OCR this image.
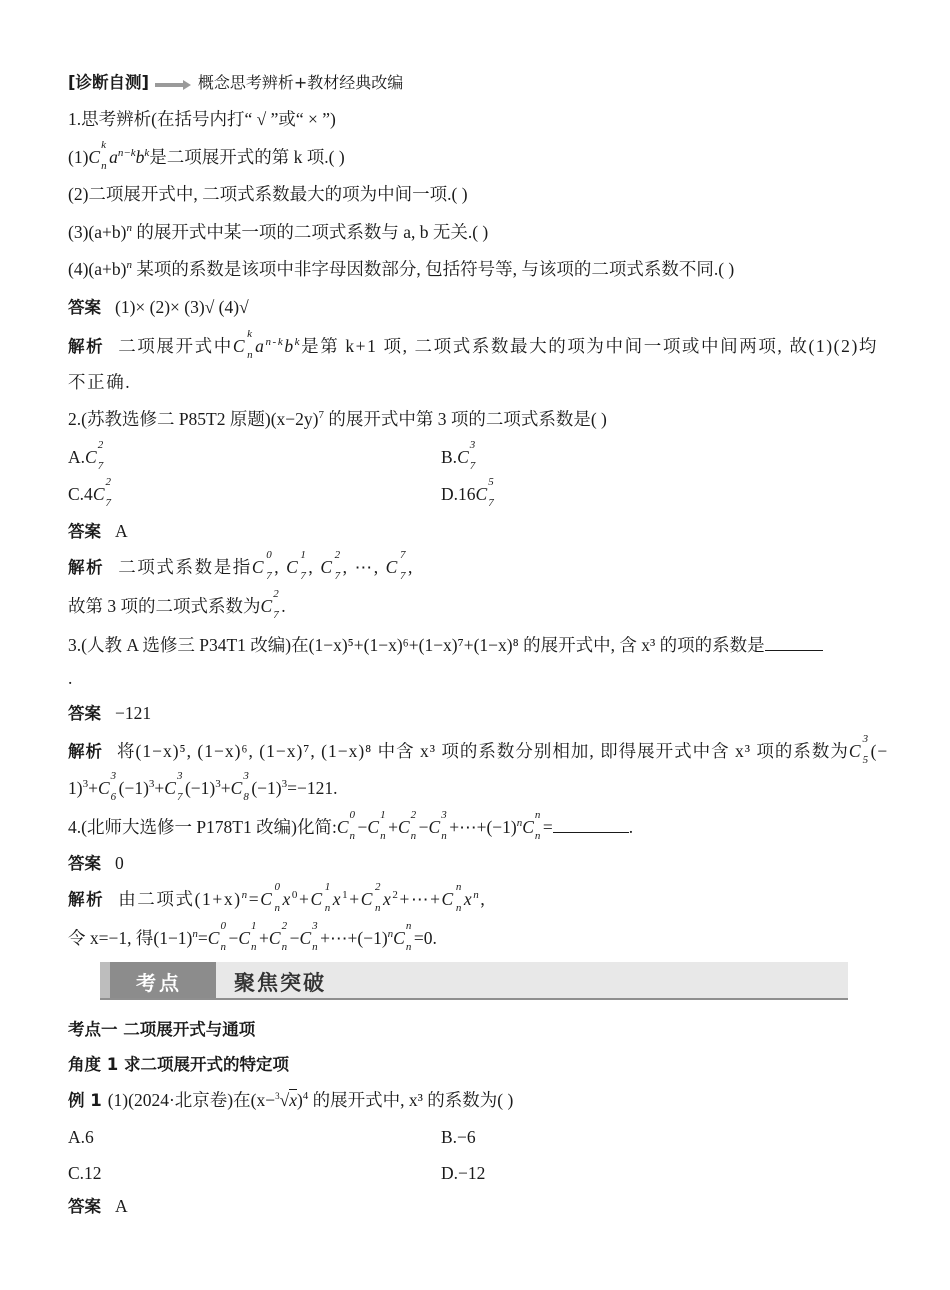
[诊断自测]	概念思考辨析+教材经典改编
1.思考辨析(在括号内打“ √ ”或“ × ”)
(1)C
k
n $a^{n-k}b^k$是二项展开式的第 k 项.( )
(2)二项展开式中, 二项式系数最大的项为中间一项.( )
$(3)(a+b)^n$ 的展开式中某一项的二项式系数与 a, b 无关.( )
$(4)(a+b)^n$ 某项的系数是该项中非字母因数部分, 包括符号等, 与该项的二项式系数不同.( )
答案 (1)× (2)× (3)√ (4)√
解析 二项展开式中C
k
n $a^{n-k}b^k$是第 k+1 项, 二项式系数最大的项为中间一项或中间两项, 故(1)(2)均
不正确.
2.(苏教选修二 P85T2 原题)$(x-2y)^7$ 的展开式中第 3 项的二项式系数是( )
A.C
2
7	B.C
3
7
C.4C
2
7	D.16C
5
7
答案 A
解析 二项式系数是指C
0
7 , C
1
7 , C
2
7 , ⋯, C
7
7 ,
故第 3 项的二项式系数为C
2
7 .
3.(人教 A 选修三 P34T1 改编)在(1−x)⁵+(1−x)⁶+(1−x)⁷+(1−x)⁸ 的展开式中, 含 x³ 的项的系数是
.
答案 −121
解析 将(1−x)⁵, (1−x)⁶, (1−x)⁷, (1−x)⁸ 中含 x³ 项的系数分别相加, 即得展开式中含 x³ 项的系数为C
3
5 (−
1)$^3$+C
3
6 $(-1)^3+C$
3
7 $(-1)^3+C$
3
8 $(-1)^3=-121$.
4.(北师大选修一 P178T1 改编)化简:C
0
n −C
1
n +C
2
n −C
3
$n +\cdots+(-1)^nC$
n
n =	.
答案 0
解析 由二项式$(1+x)^n=C$
0
n $x^0+C$
1
n $x^1+C$
2
n $x^2+\cdots+C$
n
n $x^n$,
令 x=−1, 得$(1-1)^n=C$
0
n −C
1
n +C
2
n −C
3
$n +\cdots+(-1)^nC$
n
n =0.
考点一 二项展开式与通项
角度 1 求二项展开式的特定项
例 1 (1)(2024·北京卷)在$(x-^3√x)^4$ 的展开式中, x³ 的系数为( )
A.6	B.−6
C.12	D.−12
答案 A
考点 聚焦突破
